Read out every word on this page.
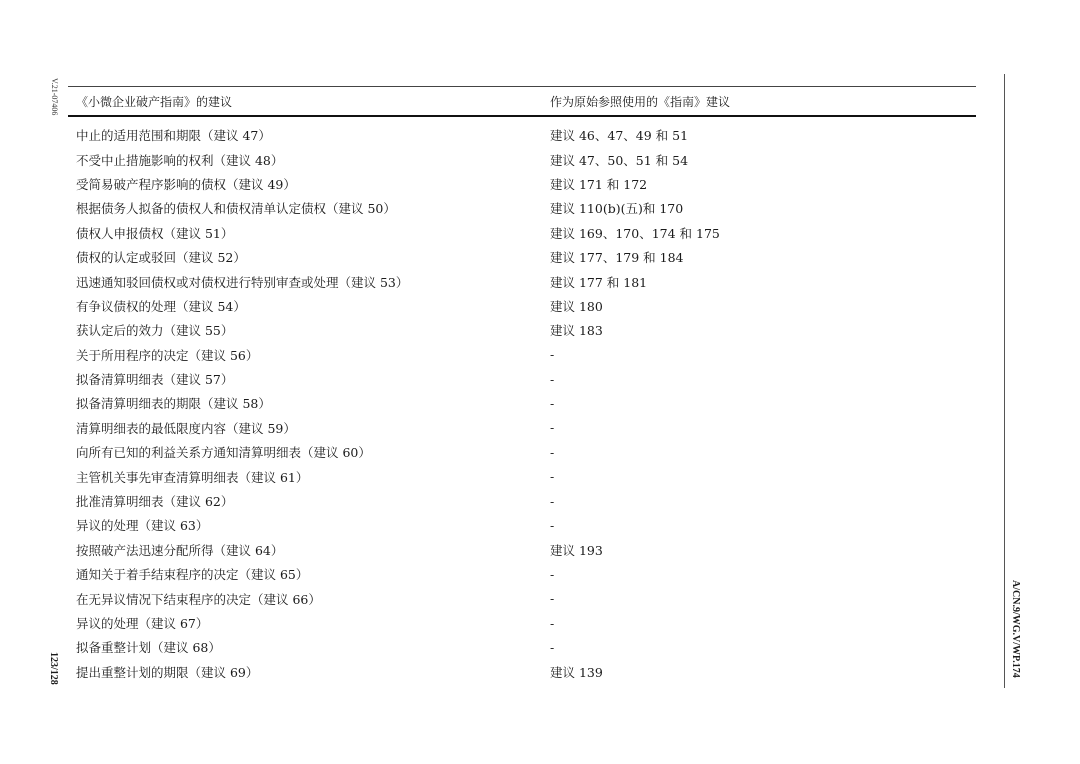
V.21-07406
123/128	A/CN.9/WG.V/WP.174
《小微企业破产指南》的建议	作为原始参照使用的《指南》建议
中止的适用范围和期限（建议 47）	建议 46、47、49 和 51
不受中止措施影响的权利（建议 48）	建议 47、50、51 和 54
受简易破产程序影响的债权（建议 49）	建议 171 和 172
根据债务人拟备的债权人和债权清单认定债权（建议 50）	建议 110(b)(五)和 170
债权人申报债权（建议 51）	建议 169、170、174 和 175
债权的认定或驳回（建议 52）	建议 177、179 和 184
迅速通知驳回债权或对债权进行特别审查或处理（建议 53）	建议 177 和 181
有争议债权的处理（建议 54）	建议 180
获认定后的效力（建议 55）	建议 183
关于所用程序的决定（建议 56）	-
拟备清算明细表（建议 57）	-
拟备清算明细表的期限（建议 58）	-
清算明细表的最低限度内容（建议 59）	-
向所有已知的利益关系方通知清算明细表（建议 60）	-
主管机关事先审查清算明细表（建议 61）	-
批准清算明细表（建议 62）	-
异议的处理（建议 63）	-
按照破产法迅速分配所得（建议 64）	建议 193
通知关于着手结束程序的决定（建议 65）	-
在无异议情况下结束程序的决定（建议 66）	-
异议的处理（建议 67）	-
拟备重整计划（建议 68）	-
提出重整计划的期限（建议 69）	建议 139
